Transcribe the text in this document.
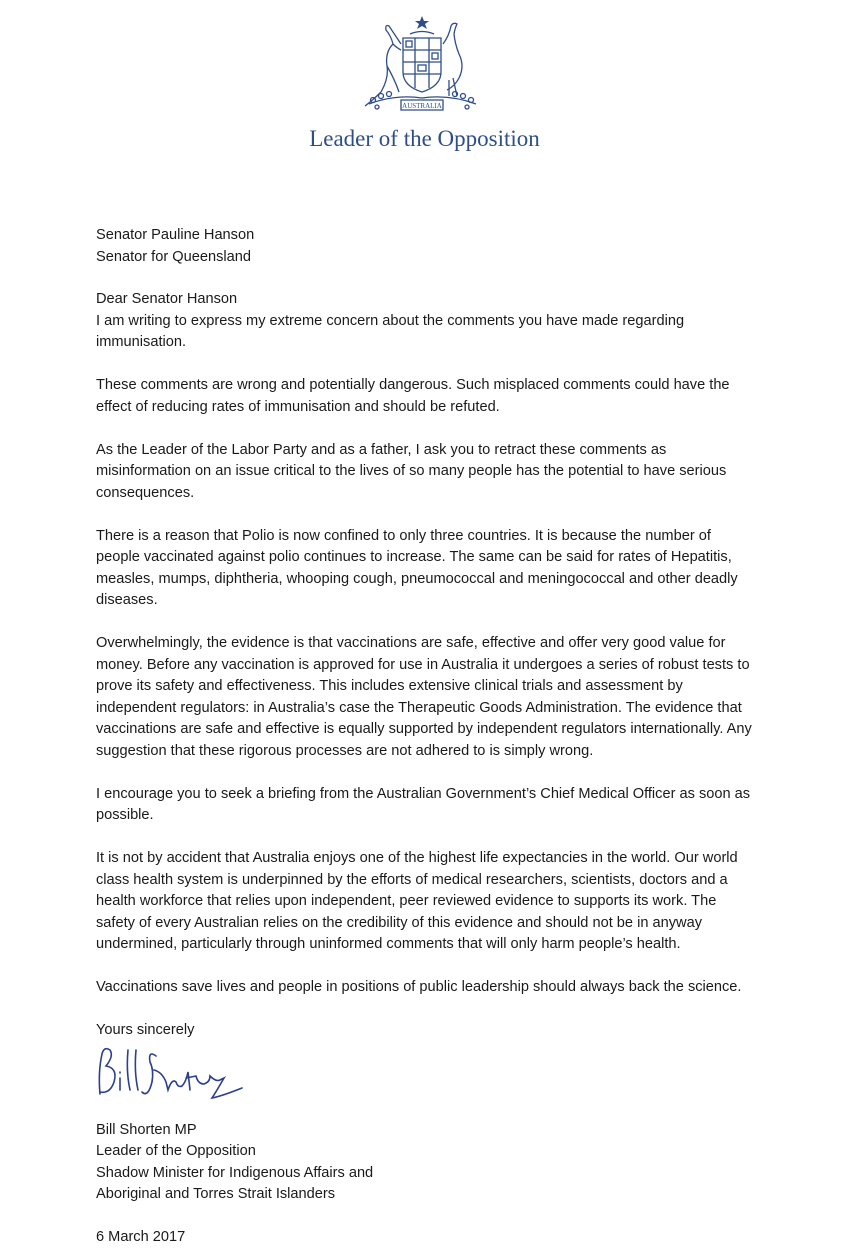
AUSTRALIA
Leader of the Opposition

Senator Pauline Hanson

Senator for Queensland

Dear Senator Hanson

I am writing to express my extreme concern about the comments you have made regarding immunisation.

These comments are wrong and potentially dangerous. Such misplaced comments could have the effect of reducing rates of immunisation and should be refuted.

As the Leader of the Labor Party and as a father, I ask you to retract these comments as misinformation on an issue critical to the lives of so many people has the potential to have serious consequences.

There is a reason that Polio is now confined to only three countries. It is because the number of people vaccinated against polio continues to increase. The same can be said for rates of Hepatitis, measles, mumps, diphtheria, whooping cough, pneumococcal and meningococcal and other deadly diseases.

Overwhelmingly, the evidence is that vaccinations are safe, effective and offer very good value for money. Before any vaccination is approved for use in Australia it undergoes a series of robust tests to prove its safety and effectiveness. This includes extensive clinical trials and assessment by independent regulators: in Australia’s case the Therapeutic Goods Administration. The evidence that vaccinations are safe and effective is equally supported by independent regulators internationally. Any suggestion that these rigorous processes are not adhered to is simply wrong.

I encourage you to seek a briefing from the Australian Government’s Chief Medical Officer as soon as possible.

It is not by accident that Australia enjoys one of the highest life expectancies in the world. Our world class health system is underpinned by the efforts of medical researchers, scientists, doctors and a health workforce that relies upon independent, peer reviewed evidence to supports its work. The safety of every Australian relies on the credibility of this evidence and should not be in anyway undermined, particularly through uninformed comments that will only harm people’s health.

Vaccinations save lives and people in positions of public leadership should always back the science.

Yours sincerely

Bill Shorten MP

Leader of the Opposition

Shadow Minister for Indigenous Affairs and

Aboriginal and Torres Strait Islanders

6 March 2017
